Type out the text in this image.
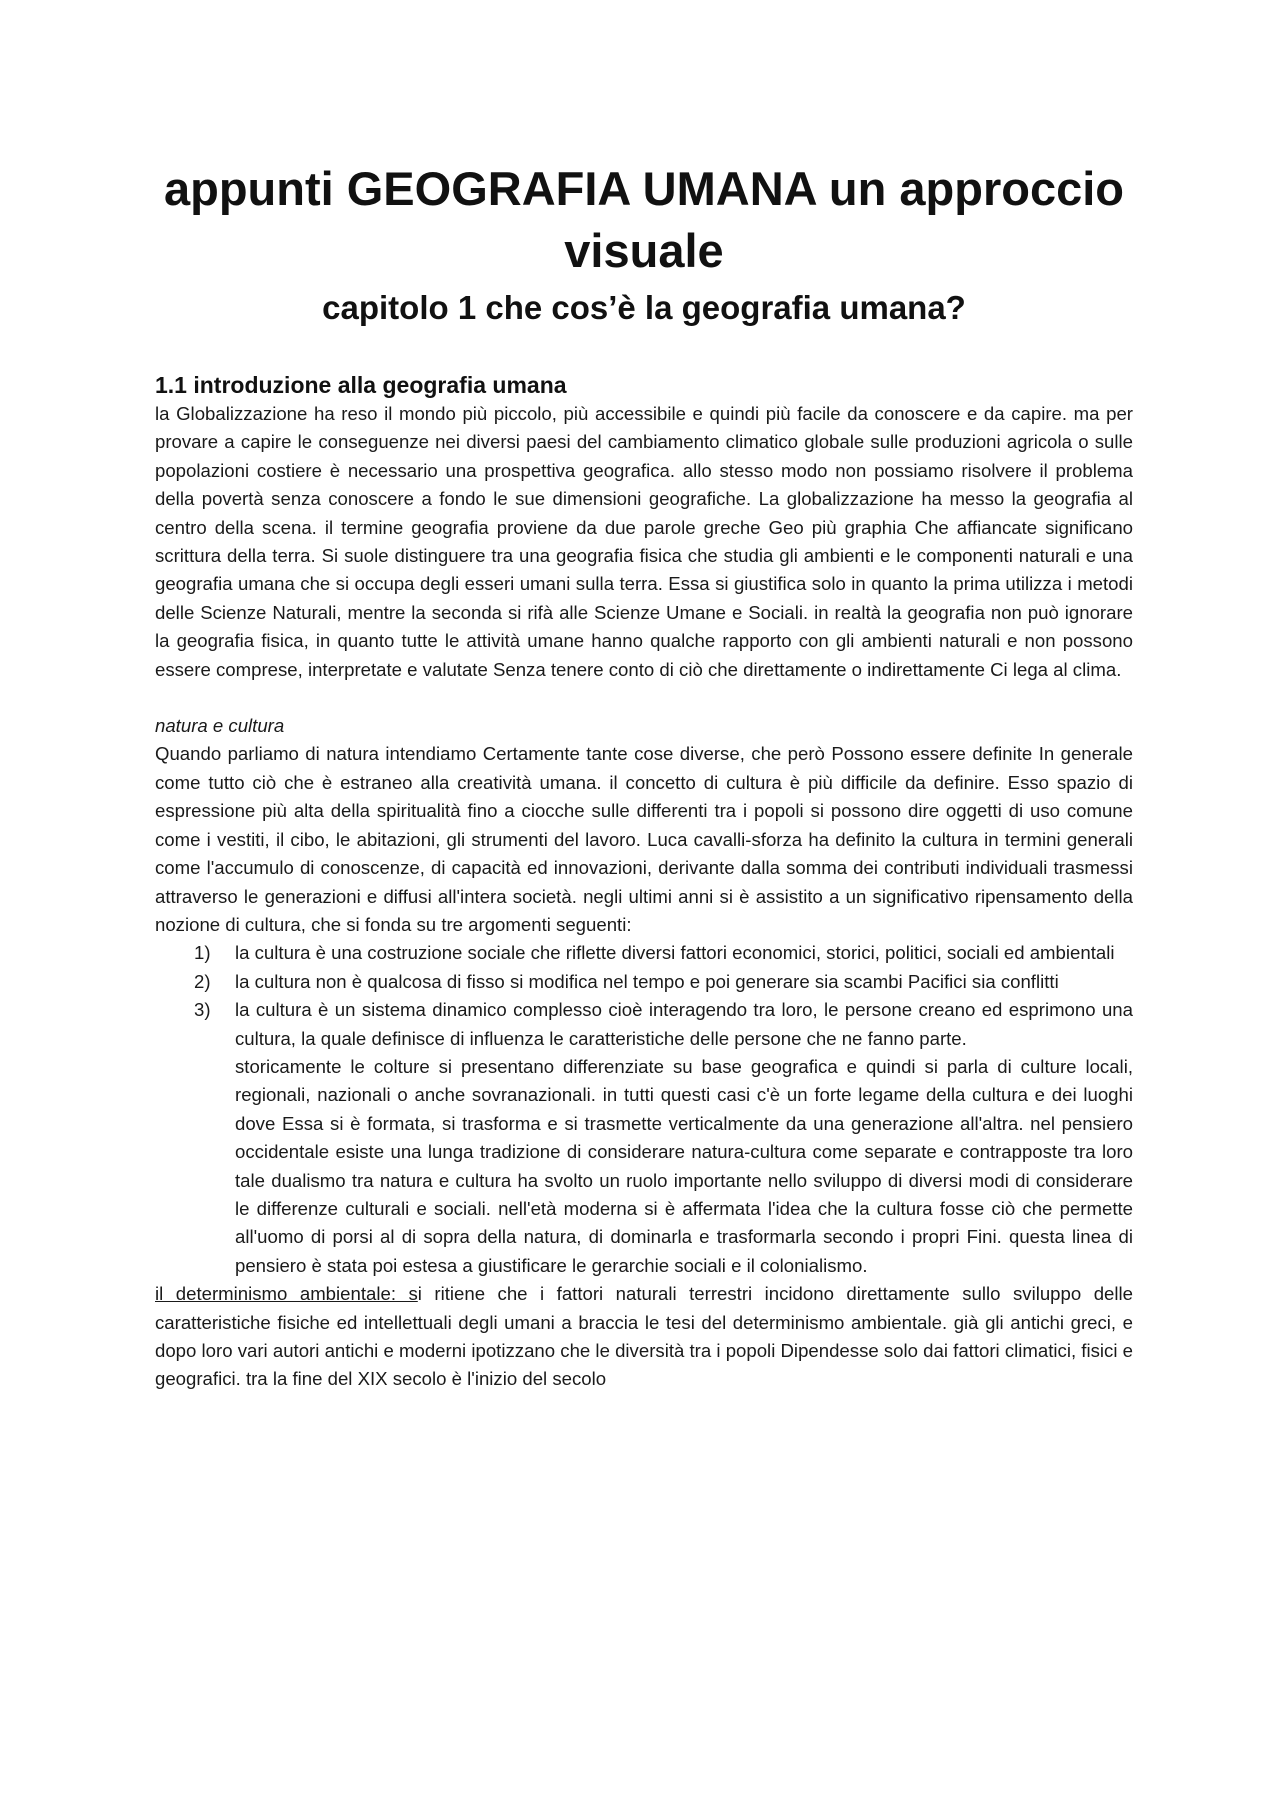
appunti GEOGRAFIA UMANA un approccio visuale
capitolo 1 che cos’è la geografia umana?
1.1 introduzione alla geografia umana

la Globalizzazione ha reso il mondo più piccolo, più accessibile e quindi più facile da conoscere e da capire. ma per provare a capire le conseguenze nei diversi paesi del cambiamento climatico globale sulle produzioni agricola o sulle popolazioni costiere è necessario una prospettiva geografica. allo stesso modo non possiamo risolvere il problema della povertà senza conoscere a fondo le sue dimensioni geografiche. La globalizzazione ha messo la geografia al centro della scena. il termine geografia proviene da due parole greche Geo più graphia Che affiancate significano scrittura della terra. Si suole distinguere tra una geografia fisica che studia gli ambienti e le componenti naturali e una geografia umana che si occupa degli esseri umani sulla terra. Essa si giustifica solo in quanto la prima utilizza i metodi delle Scienze Naturali, mentre la seconda si rifà alle Scienze Umane e Sociali. in realtà la geografia non può ignorare la geografia fisica, in quanto tutte le attività umane hanno qualche rapporto con gli ambienti naturali e non possono essere comprese, interpretate e valutate Senza tenere conto di ciò che direttamente o indirettamente Ci lega al clima.

natura e cultura

Quando parliamo di natura intendiamo Certamente tante cose diverse, che però Possono essere definite In generale come tutto ciò che è estraneo alla creatività umana. il concetto di cultura è più difficile da definire. Esso spazio di espressione più alta della spiritualità fino a ciocche sulle differenti tra i popoli si possono dire oggetti di uso comune come i vestiti, il cibo, le abitazioni, gli strumenti del lavoro. Luca cavalli-sforza ha definito la cultura in termini generali come l'accumulo di conoscenze, di capacità ed innovazioni, derivante dalla somma dei contributi individuali trasmessi attraverso le generazioni e diffusi all'intera società. negli ultimi anni si è assistito a un significativo ripensamento della nozione di cultura, che si fonda su tre argomenti seguenti:

1) la cultura è una costruzione sociale che riflette diversi fattori economici, storici, politici, sociali ed ambientali
2) la cultura non è qualcosa di fisso si modifica nel tempo e poi generare sia scambi Pacifici sia conflitti
3) la cultura è un sistema dinamico complesso cioè interagendo tra loro, le persone creano ed esprimono una cultura, la quale definisce di influenza le caratteristiche delle persone che ne fanno parte.

storicamente le colture si presentano differenziate su base geografica e quindi si parla di culture locali, regionali, nazionali o anche sovranazionali. in tutti questi casi c'è un forte legame della cultura e dei luoghi dove Essa si è formata, si trasforma e si trasmette verticalmente da una generazione all'altra. nel pensiero occidentale esiste una lunga tradizione di considerare natura-cultura come separate e contrapposte tra loro tale dualismo tra natura e cultura ha svolto un ruolo importante nello sviluppo di diversi modi di considerare le differenze culturali e sociali. nell'età moderna si è affermata l'idea che la cultura fosse ciò che permette all'uomo di porsi al di sopra della natura, di dominarla e trasformarla secondo i propri Fini. questa linea di pensiero è stata poi estesa a giustificare le gerarchie sociali e il colonialismo.

il determinismo ambientale: si ritiene che i fattori naturali terrestri incidono direttamente sullo sviluppo delle caratteristiche fisiche ed intellettuali degli umani a braccia le tesi del determinismo ambientale. già gli antichi greci, e dopo loro vari autori antichi e moderni ipotizzano che le diversità tra i popoli Dipendesse solo dai fattori climatici, fisici e geografici. tra la fine del XIX secolo è l'inizio del secolo
